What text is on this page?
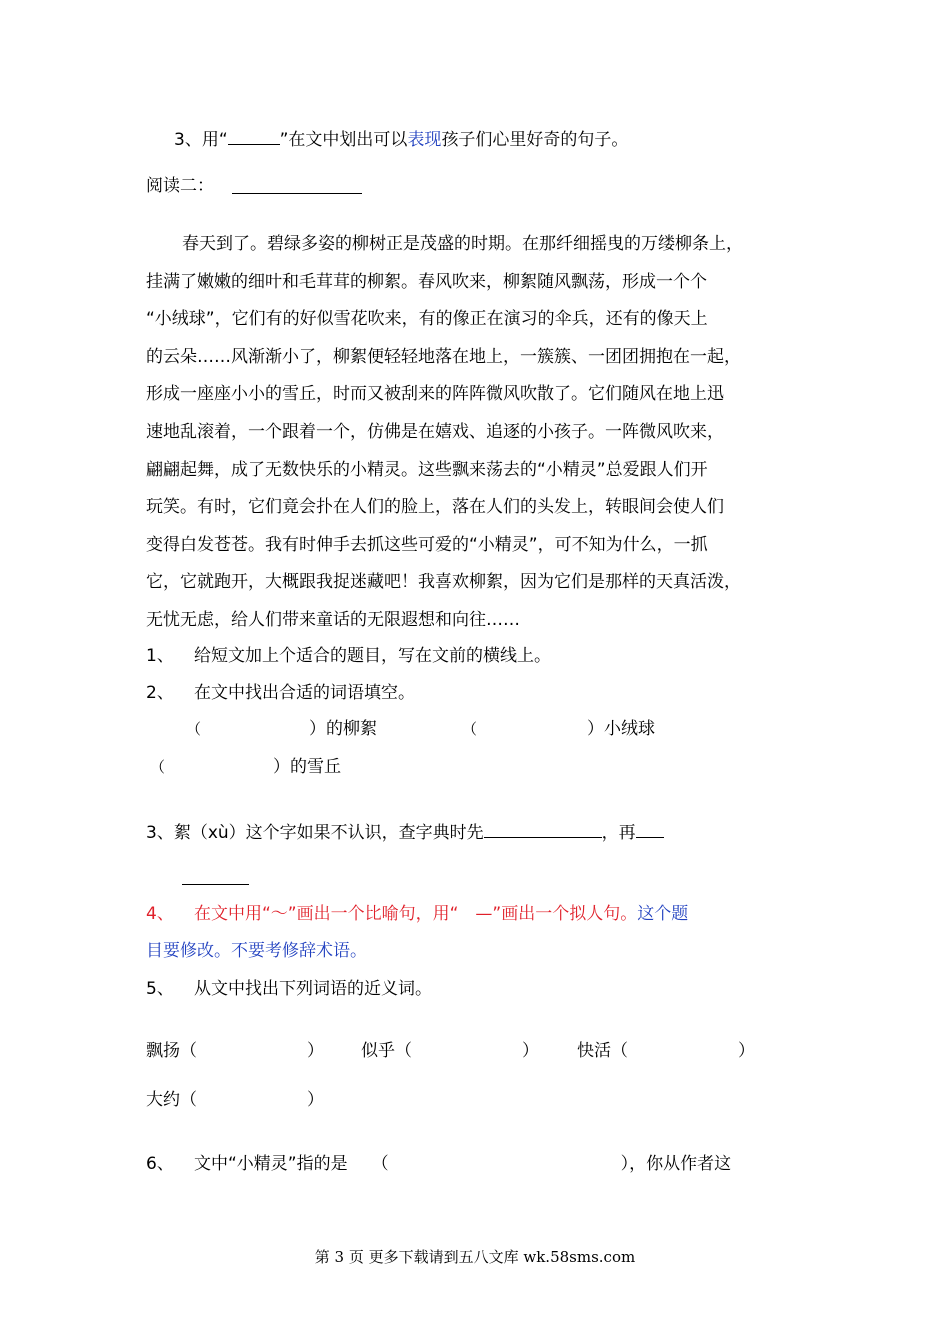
3、用“	”在文中划出可以表现孩子们心里好奇的句子。
阅读二：
春天到了。碧绿多姿的柳树正是茂盛的时期。在那纤细摇曳的万缕柳条上，
挂满了嫩嫩的细叶和毛茸茸的柳絮。春风吹来，柳絮随风飘荡，形成一个个
“小绒球”，它们有的好似雪花吹来，有的像正在演习的伞兵，还有的像天上
的云朵……风渐渐小了，柳絮便轻轻地落在地上，一簇簇、一团团拥抱在一起，
形成一座座小小的雪丘，时而又被刮来的阵阵微风吹散了。它们随风在地上迅
速地乱滚着，一个跟着一个，仿佛是在嬉戏、追逐的小孩子。一阵微风吹来，
翩翩起舞，成了无数快乐的小精灵。这些飘来荡去的“小精灵”总爱跟人们开
玩笑。有时，它们竟会扑在人们的脸上，落在人们的头发上，转眼间会使人们
变得白发苍苍。我有时伸手去抓这些可爱的“小精灵”，可不知为什么，一抓
它，它就跑开，大概跟我捉迷藏吧！我喜欢柳絮，因为它们是那样的天真活泼，
无忧无虑，给人们带来童话的无限遐想和向往……
1、 给短文加上个适合的题目，写在文前的横线上。
2、 在文中找出合适的词语填空。
（	）的柳絮	（	）小绒球
（	）的雪丘
3、絮（xù）这个字如果不认识，查字典时先	，再
4、 在文中用“～”画出一个比喻句，用“　—”画出一个拟人句。这个题
目要修改。不要考修辞术语。
5、 从文中找出下列词语的近义词。
飘扬（	） 似乎（	） 快活（	）
大约（	）
6、 文中“小精灵”指的是 （	），你从作者这
第 3 页 更多下载请到五八文库 wk.58sms.com
